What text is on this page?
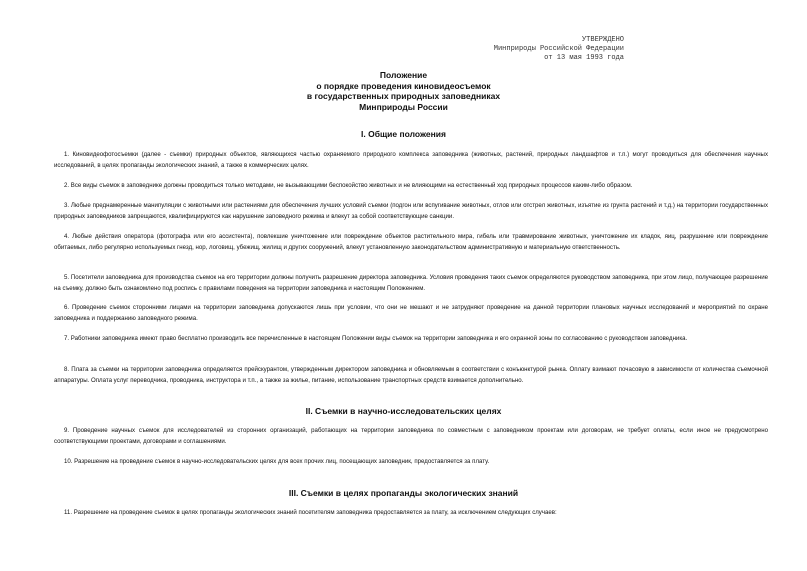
УТВЕРЖДЕНО
Минприроды Российской Федерации
от 13 мая 1993 года
Положение
о порядке проведения киновидеосъемок
в государственных природных заповедниках
Минприроды России
I. Общие положения

1. Киновидеофотосъемки (далее - съемки) природных объектов, являющихся частью охраняемого природного комплекса заповедника (животных, растений, природных ландшафтов и т.п.) могут проводиться для обеспечения научных исследований, в целях пропаганды экологических знаний, а также в коммерческих целях.

2. Все виды съемок в заповеднике должны проводиться только методами, не вызывающими беспокойство животных и не влияющими на естественный ход природных процессов каким-либо образом.

3. Любые преднамеренные манипуляции с животными или растениями для обеспечения лучших условий съемки (подгон или вспугивание животных, отлов или отстрел животных, изъятие из грунта растений и т.д.) на территории государственных природных заповедников запрещаются, квалифицируются как нарушение заповедного режима и влекут за собой соответствующие санкции.

4. Любые действия оператора (фотографа или его ассистента), повлекшие уничтожение или повреждение объектов растительного мира, гибель или травмирование животных, уничтожение их кладок, яиц, разрушение или повреждение обитаемых, либо регулярно используемых гнезд, нор, логовищ, убежищ, жилищ и других сооружений, влекут установленную законодательством административную и материальную ответственность.

5. Посетители заповедника для производства съемок на его территории должны получить разрешение директора заповедника. Условия проведения таких съемок определяются руководством заповедника, при этом лицо, получающее разрешение на съемку, должно быть ознакомлено под роспись с правилами поведения на территории заповедника и настоящим Положением.

6. Проведение съемок сторонними лицами на территории заповедника допускаются лишь при условии, что они не мешают и не затрудняют проведение на данной территории плановых научных исследований и мероприятий по охране заповедника и поддержанию заповедного режима.

7. Работники заповедника имеют право бесплатно производить все перечисленные в настоящем Положении виды съемок на территории заповедника и его охранной зоны по согласованию с руководством заповедника.

8. Плата за съемки на территории заповедника определяется прейскурантом, утвержденным директором заповедника и обновляемым в соответствии с конъюнктурой рынка. Оплату взимают почасовую в зависимости от количества съемочной аппаратуры. Оплата услуг переводчика, проводника, инструктора и т.п., а также за жилье, питание, использование транспортных средств взимается дополнительно.

II. Съемки в научно-исследовательских целях

9. Проведение научных съемок для исследователей из сторонних организаций, работающих на территории заповедника по совместным с заповедником проектам или договорам, не требует оплаты, если иное не предусмотрено соответствующими проектами, договорами и соглашениями.

10. Разрешение на проведение съемок в научно-исследовательских целях для всех прочих лиц, посещающих заповедник, предоставляется за плату.

III. Съемки в целях пропаганды экологических знаний

11. Разрешение на проведение съемок в целях пропаганды экологических знаний посетителям заповедника предоставляется за плату, за исключением следующих случаев:
